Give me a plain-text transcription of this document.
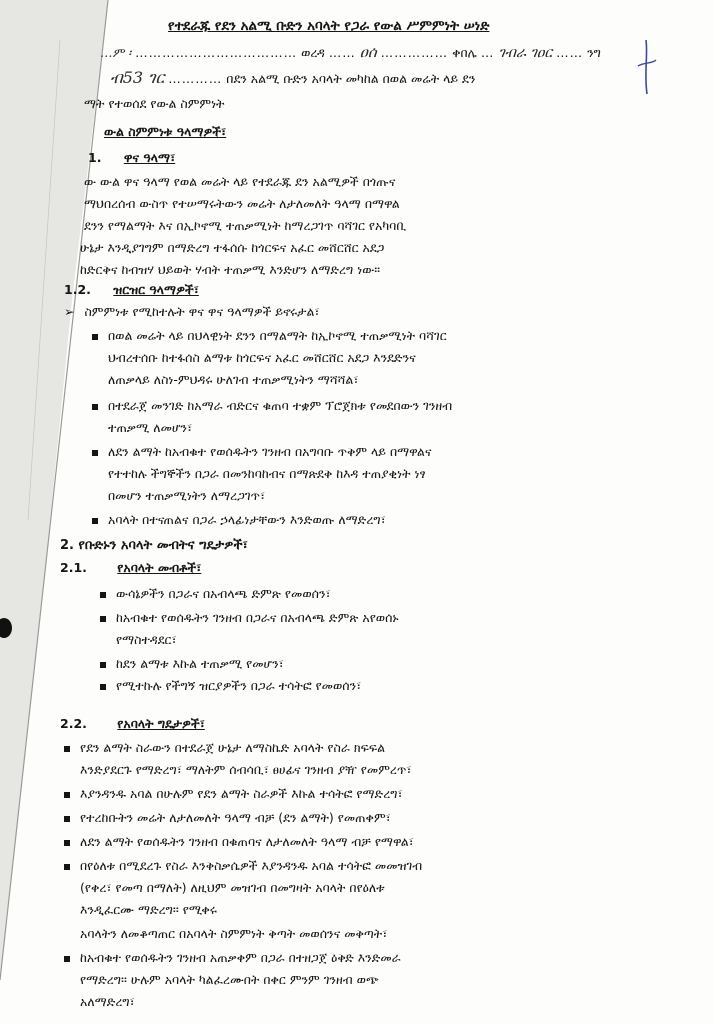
የተደራጁ የደን አልሚ ቡድን አባላት የጋራ የውል ሥምምነት ሠነድ
…ም ፡ ……………………………… ወረዳ …… ዐሰ …………… ቀበሌ … ገብራ ገዐር …… ንግ
ብ53 ገር ………… በደን አልሚ ቡድን አባላት መካከል በወል መሬት ላይ ደን
ማት የተወሰደ የውል ስምምነት
ውል ስምምነቱ ዓላማዎች፣
1. ዋና ዓላማ፣
ው ውል ዋና ዓላማ የወል መሬት ላይ የተደራጁ ደን አልሚዎች በጎጡና
ማህበረሰብ ውስጥ የተሠማሩትውን መሬት ለታለመለት ዓላማ በማዋል
ደንን የማልማት እና በኢኮኖሚ ተጠቃሚነት ከማረጋገጥ ባሻገር የአካባቢ
ሁኔታ እንዲያገግም በማድረግ ተፋሰሱ ከጎርፍና አፈር መሸርሸር አደጋ
ከድርቅና ከብዝሃ ህይወት ሃብት ተጠቃሚ እንድሆን ለማድረግ ነው፡፡
1.2. ዝርዝር ዓላማዎች፣
➢ ስምምነቱ የሚከተሉት ዋና ዋና ዓላማዎች ይኖሩታል፣
በወል መሬት ላይ በህላዊነት ደንን በማልማት ከኢኮኖሚ ተጠቃሚነት ባሻገር
ህብረተሰቡ ከተፋሰስ ልማቱ ከጎርፍና አፈር መሸርሸር አደጋ እንደድንና
ለጠቃላይ ለስነ-ምህዳሩ ሁለገብ ተጠቃሚነትን ማሻሻል፣
በተደራጀ መንገድ ከአማራ ብድርና ቁጠባ ተቋም ፕሮጀክቱ የመደበውን ገንዘብ
ተጠቃሚ ለመሆን፣
ለደን ልማት ከአብቁተ የወሰዱትን ገንዘብ በአግባቡ ጥቅም ላይ በማዋልና
የተተከሉ ችግኞችን በጋራ በመንከባከብና በማጽደቅ ከእዳ ተጠያቂነት ነፃ
በመሆን ተጠቃሚነትን ለማረጋገጥ፣
አባላት በተናጠልና በጋራ ኃላፊነታቸውን እንድወጡ ለማድረግ፣
2. የቡድኑን አባላት መብትና ግዴታዎች፣
2.1. የአባላት መብቶች፣
ውሳኔዎችን በጋራና በአብላጫ ድምጽ የመወሰን፣
ከአብቁተ የወሰዱትን ገንዘብ በጋራና በአብላጫ ድምጽ አየወሰኑ
የማስተዳደር፣
ከደን ልማቱ እኩል ተጠቃሚ የመሆን፣
የሚተኩሉ የችግኝ ዝርያዎችን በጋራ ተሳትፎ የመወሰን፣
2.2. የአባላት ግዴታዎች፣
የደን ልማት ስራውን በተደራጀ ሁኔታ ለማስኬድ አባላት የስራ ክፍፍል
እንድያደርጉ የማድረግ፣ ማለትም ሰብሳቢ፣ ፀሀፊና ገንዘብ ያዥ የመምረጥ፣
እያንዳንዱ አባል በሁሉም የደን ልማት ስራዎች እኩል ተሳትፎ የማድረግ፣
የተረከቡትን መሬት ለታለመለት ዓላማ ብቻ (ደን ልማት) የመጠቀም፣
ለደን ልማት የወሰዱትን ገንዘብ በቁጠባና ለታለመለት ዓላማ ብቻ የማዋል፣
በየዕለቱ በሚደረጉ የስራ እንቅስቃሴዎች እያንዳንዱ አባል ተሳትፎ መመዝገብ
(የቀረ፣ የመጣ በማለት) ለዚህም መዝገብ በመግዛት አባላት በየዕለቱ
እንዲፈርሙ ማድረግ፡፡ የሚቀሩ
አባላትን ለመቆጣጠር በአባላት ስምምነት ቅጣት መወሰንና መቅጣት፣
ከአብቁተ የወሰዱትን ገንዘብ አጠቃቀም በጋራ በተዘጋጀ ዕቅድ እንድመራ
የማድረግ፡፡ ሁሉም አባላት ካልፈረሙበት በቀር ምንም ገንዘብ ወጭ
አለማድረግ፣
